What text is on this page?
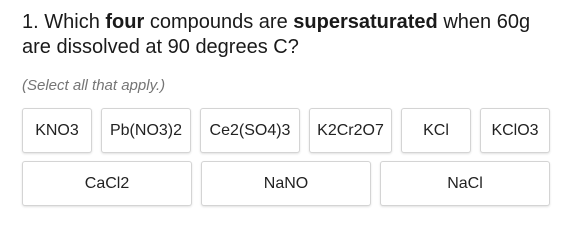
1. Which four compounds are supersaturated when 60g are dissolved at 90 degrees C?
(Select all that apply.)
KNO3	Pb(NO3)2	Ce2(SO4)3	K2Cr2O7	KCl	KClO3
CaCl2	NaNO	NaCl
